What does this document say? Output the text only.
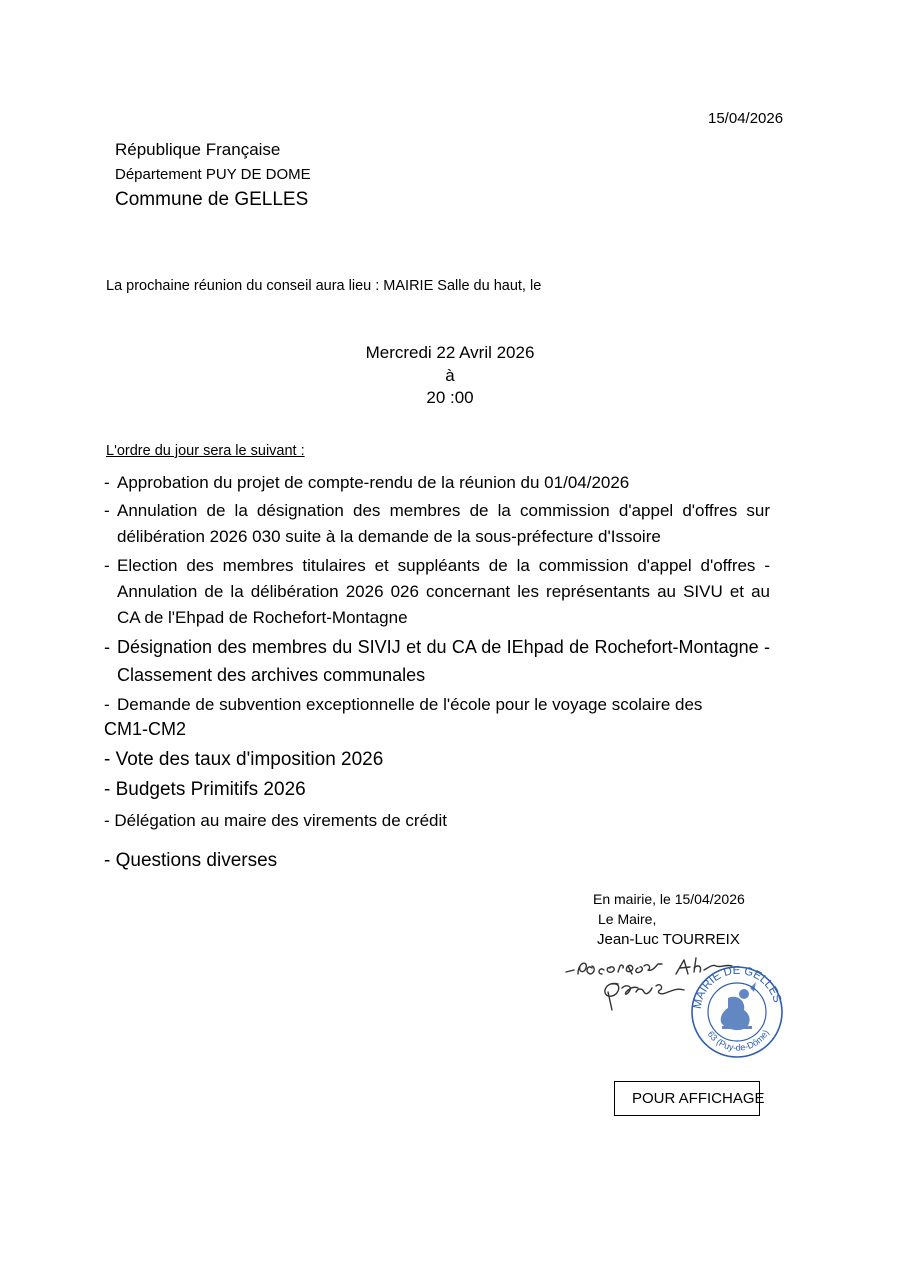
15/04/2026
République Française
Département PUY DE DOME
Commune de GELLES
La prochaine réunion du conseil aura lieu : MAIRIE Salle du haut, le
Mercredi 22 Avril 2026
à
20 :00
L'ordre du jour sera le suivant :
- Approbation du projet de compte-rendu de la réunion du 01/04/2026
- Annulation de la désignation des membres de la commission d'appel d'offres sur délibération 2026 030 suite à la demande de la sous-préfecture d'Issoire
- Election des membres titulaires et suppléants de la commission d'appel d'offres - Annulation de la délibération 2026 026 concernant les représentants au SIVU et au CA de l'Ehpad de Rochefort-Montagne
- Désignation des membres du SIVIJ et du CA de IEhpad de Rochefort-Montagne - Classement des archives communales
- Demande de subvention exceptionnelle de l'école pour le voyage scolaire des
CM1-CM2
- Vote des taux d'imposition 2026
- Budgets Primitifs 2026
- Délégation au maire des virements de crédit
- Questions diverses
En mairie, le 15/04/2026
Le Maire,
Jean-Luc TOURREIX
MAIRIE DE GELLES
63 (Puy-de-Dôme)
POUR AFFICHAGE
